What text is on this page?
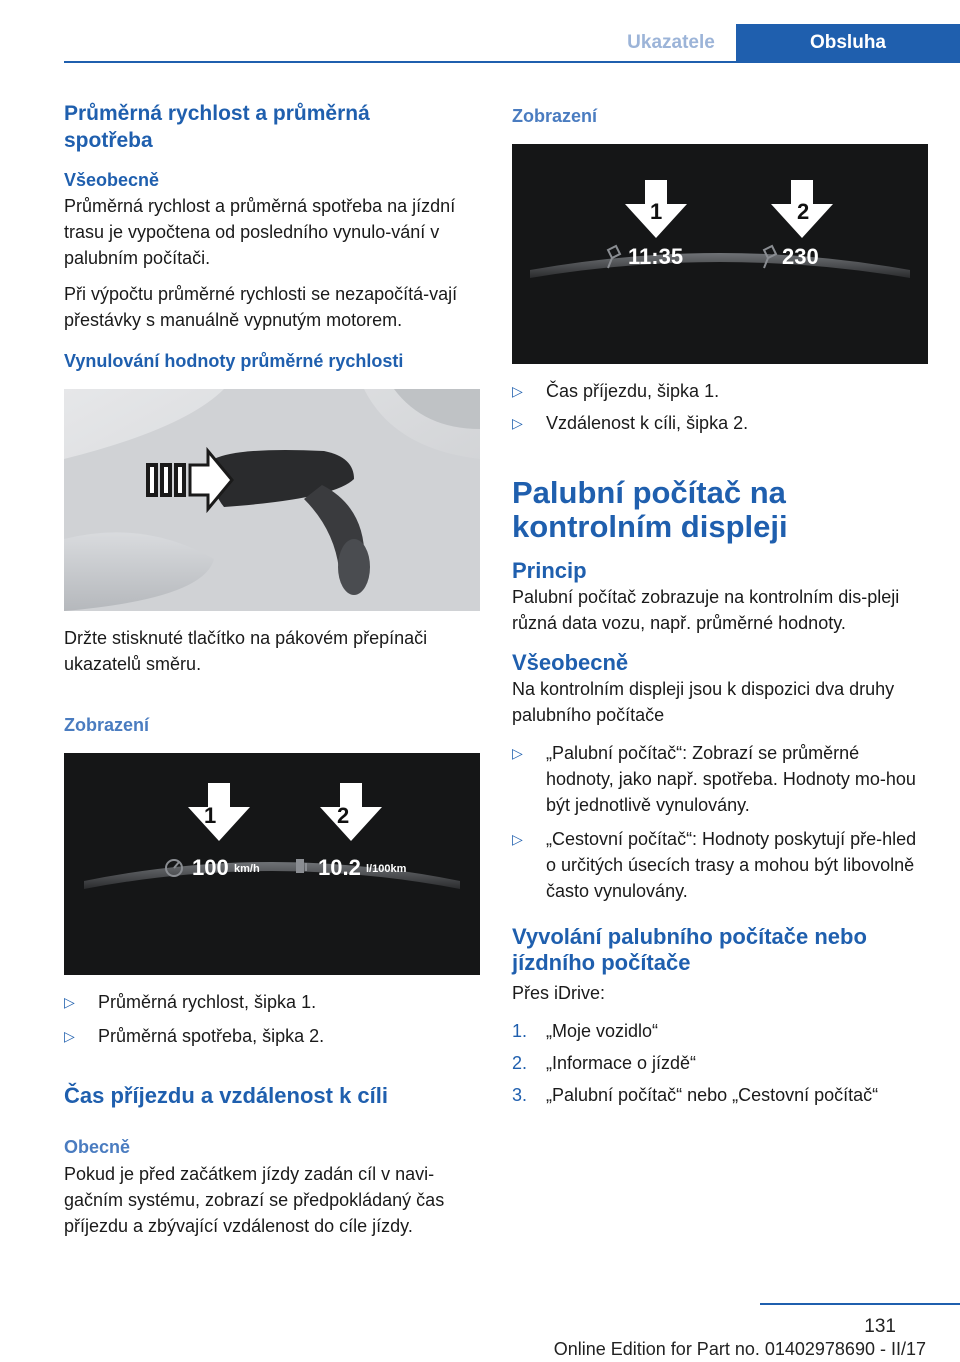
Ukazatele	Obsluha
Průměrná rychlost a průměrná spotřeba
Všeobecně

Průměrná rychlost a průměrná spotřeba na jízdní trasu je vypočtena od posledního vynulo-vání v palubním počítači.

Při výpočtu průměrné rychlosti se nezapočítá-vají přestávky s manuálně vypnutým motorem.

Vynulování hodnoty průměrné rychlosti

Držte stisknuté tlačítko na pákovém přepínači ukazatelů směru.

Zobrazení
1	2
100 km/h	10.2 l/100km
▷ Průměrná rychlost, šipka 1.
▷ Průměrná spotřeba, šipka 2.
Čas příjezdu a vzdálenost k cíli
Obecně

Pokud je před začátkem jízdy zadán cíl v navi-gačním systému, zobrazí se předpokládaný čas příjezdu a zbývající vzdálenost do cíle jízdy.

Zobrazení
1	2
11:35	230
▷ Čas příjezdu, šipka 1.
▷ Vzdálenost k cíli, šipka 2.
Palubní počítač na kontrolním displeji
Princip

Palubní počítač zobrazuje na kontrolním dis-pleji různá data vozu, např. průměrné hodnoty.

Všeobecně

Na kontrolním displeji jsou k dispozici dva druhy palubního počítače

▷ „Palubní počítač“: Zobrazí se průměrné hodnoty, jako např. spotřeba. Hodnoty mo-hou být jednotlivě vynulovány.
▷ „Cestovní počítač“: Hodnoty poskytují pře-hled o určitých úsecích trasy a mohou být libovolně často vynulovány.
Vyvolání palubního počítače nebo jízdního počítače

Přes iDrive:

1. „Moje vozidlo“
2. „Informace o jízdě“
3. „Palubní počítač“ nebo „Cestovní počítač“
131
Online Edition for Part no. 01402978690 - II/17
